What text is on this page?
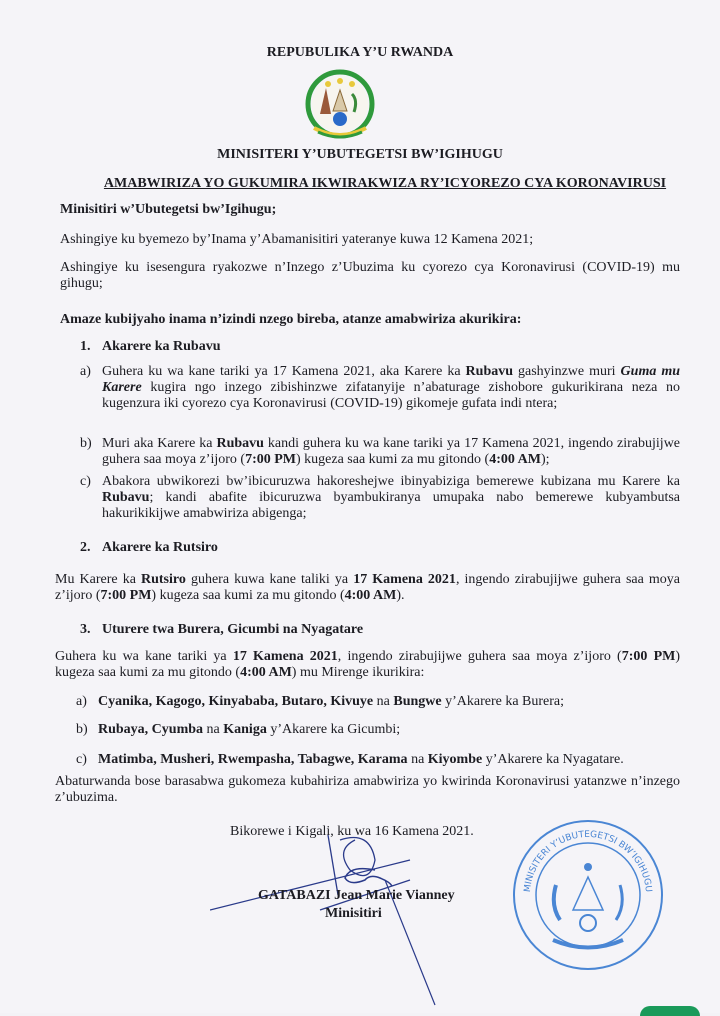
REPUBULIKA Y’U RWANDA
MINISITERI Y’UBUTEGETSI BW’IGIHUGU
AMABWIRIZA YO GUKUMIRA IKWIRAKWIZA RY’ICYOREZO CYA KORONAVIRUSI
Minisitiri w’Ubutegetsi bw’Igihugu;
Ashingiye ku byemezo by’Inama y’Abamanisitiri yateranye kuwa 12 Kamena 2021;
Ashingiye ku isesengura ryakozwe n’Inzego z’Ubuzima ku cyorezo cya Koronavirusi (COVID-19) mu gihugu;
Amaze kubijyaho inama n’izindi nzego bireba, atanze amabwiriza akurikira:
1. Akarere ka Rubavu
a) Guhera ku wa kane tariki ya 17 Kamena 2021, aka Karere ka Rubavu gashyinzwe muri Guma mu Karere kugira ngo inzego zibishinzwe zifatanyije n’abaturage zishobore gukurikirana neza no kugenzura iki cyorezo cya Koronavirusi (COVID-19) gikomeje gufata indi ntera;
b) Muri aka Karere ka Rubavu kandi guhera ku wa kane tariki ya 17 Kamena 2021, ingendo zirabujijwe guhera saa moya z’ijoro (7:00 PM) kugeza saa kumi za mu gitondo (4:00 AM);
c) Abakora ubwikorezi bw’ibicuruzwa hakoreshejwe ibinyabiziga bemerewe kubizana mu Karere ka Rubavu; kandi abafite ibicuruzwa byambukiranya umupaka nabo bemerewe kubyambutsa hakurikikijwe amabwiriza abigenga;
2. Akarere ka Rutsiro
Mu Karere ka Rutsiro guhera kuwa kane taliki ya 17 Kamena 2021, ingendo zirabujijwe guhera saa moya z’ijoro (7:00 PM) kugeza saa kumi za mu gitondo (4:00 AM).
3. Uturere twa Burera, Gicumbi na Nyagatare
Guhera ku wa kane tariki ya 17 Kamena 2021, ingendo zirabujijwe guhera saa moya z’ijoro (7:00 PM) kugeza saa kumi za mu gitondo (4:00 AM) mu Mirenge ikurikira:
a) Cyanika, Kagogo, Kinyababa, Butaro, Kivuye na Bungwe y’Akarere ka Burera;
b) Rubaya, Cyumba na Kaniga y’Akarere ka Gicumbi;
c) Matimba, Musheri, Rwempasha, Tabagwe, Karama na Kiyombe y’Akarere ka Nyagatare.
Abaturwanda bose barasabwa gukomeza kubahiriza amabwiriza yo kwirinda Koronavirusi yatanzwe n’inzego z’ubuzima.
Bikorewe i Kigali, ku wa 16 Kamena 2021.
GATABAZI Jean Marie Vianney
Minisitiri
MINISITERI Y’UBUTEGETSI BW’IGIHUGU
